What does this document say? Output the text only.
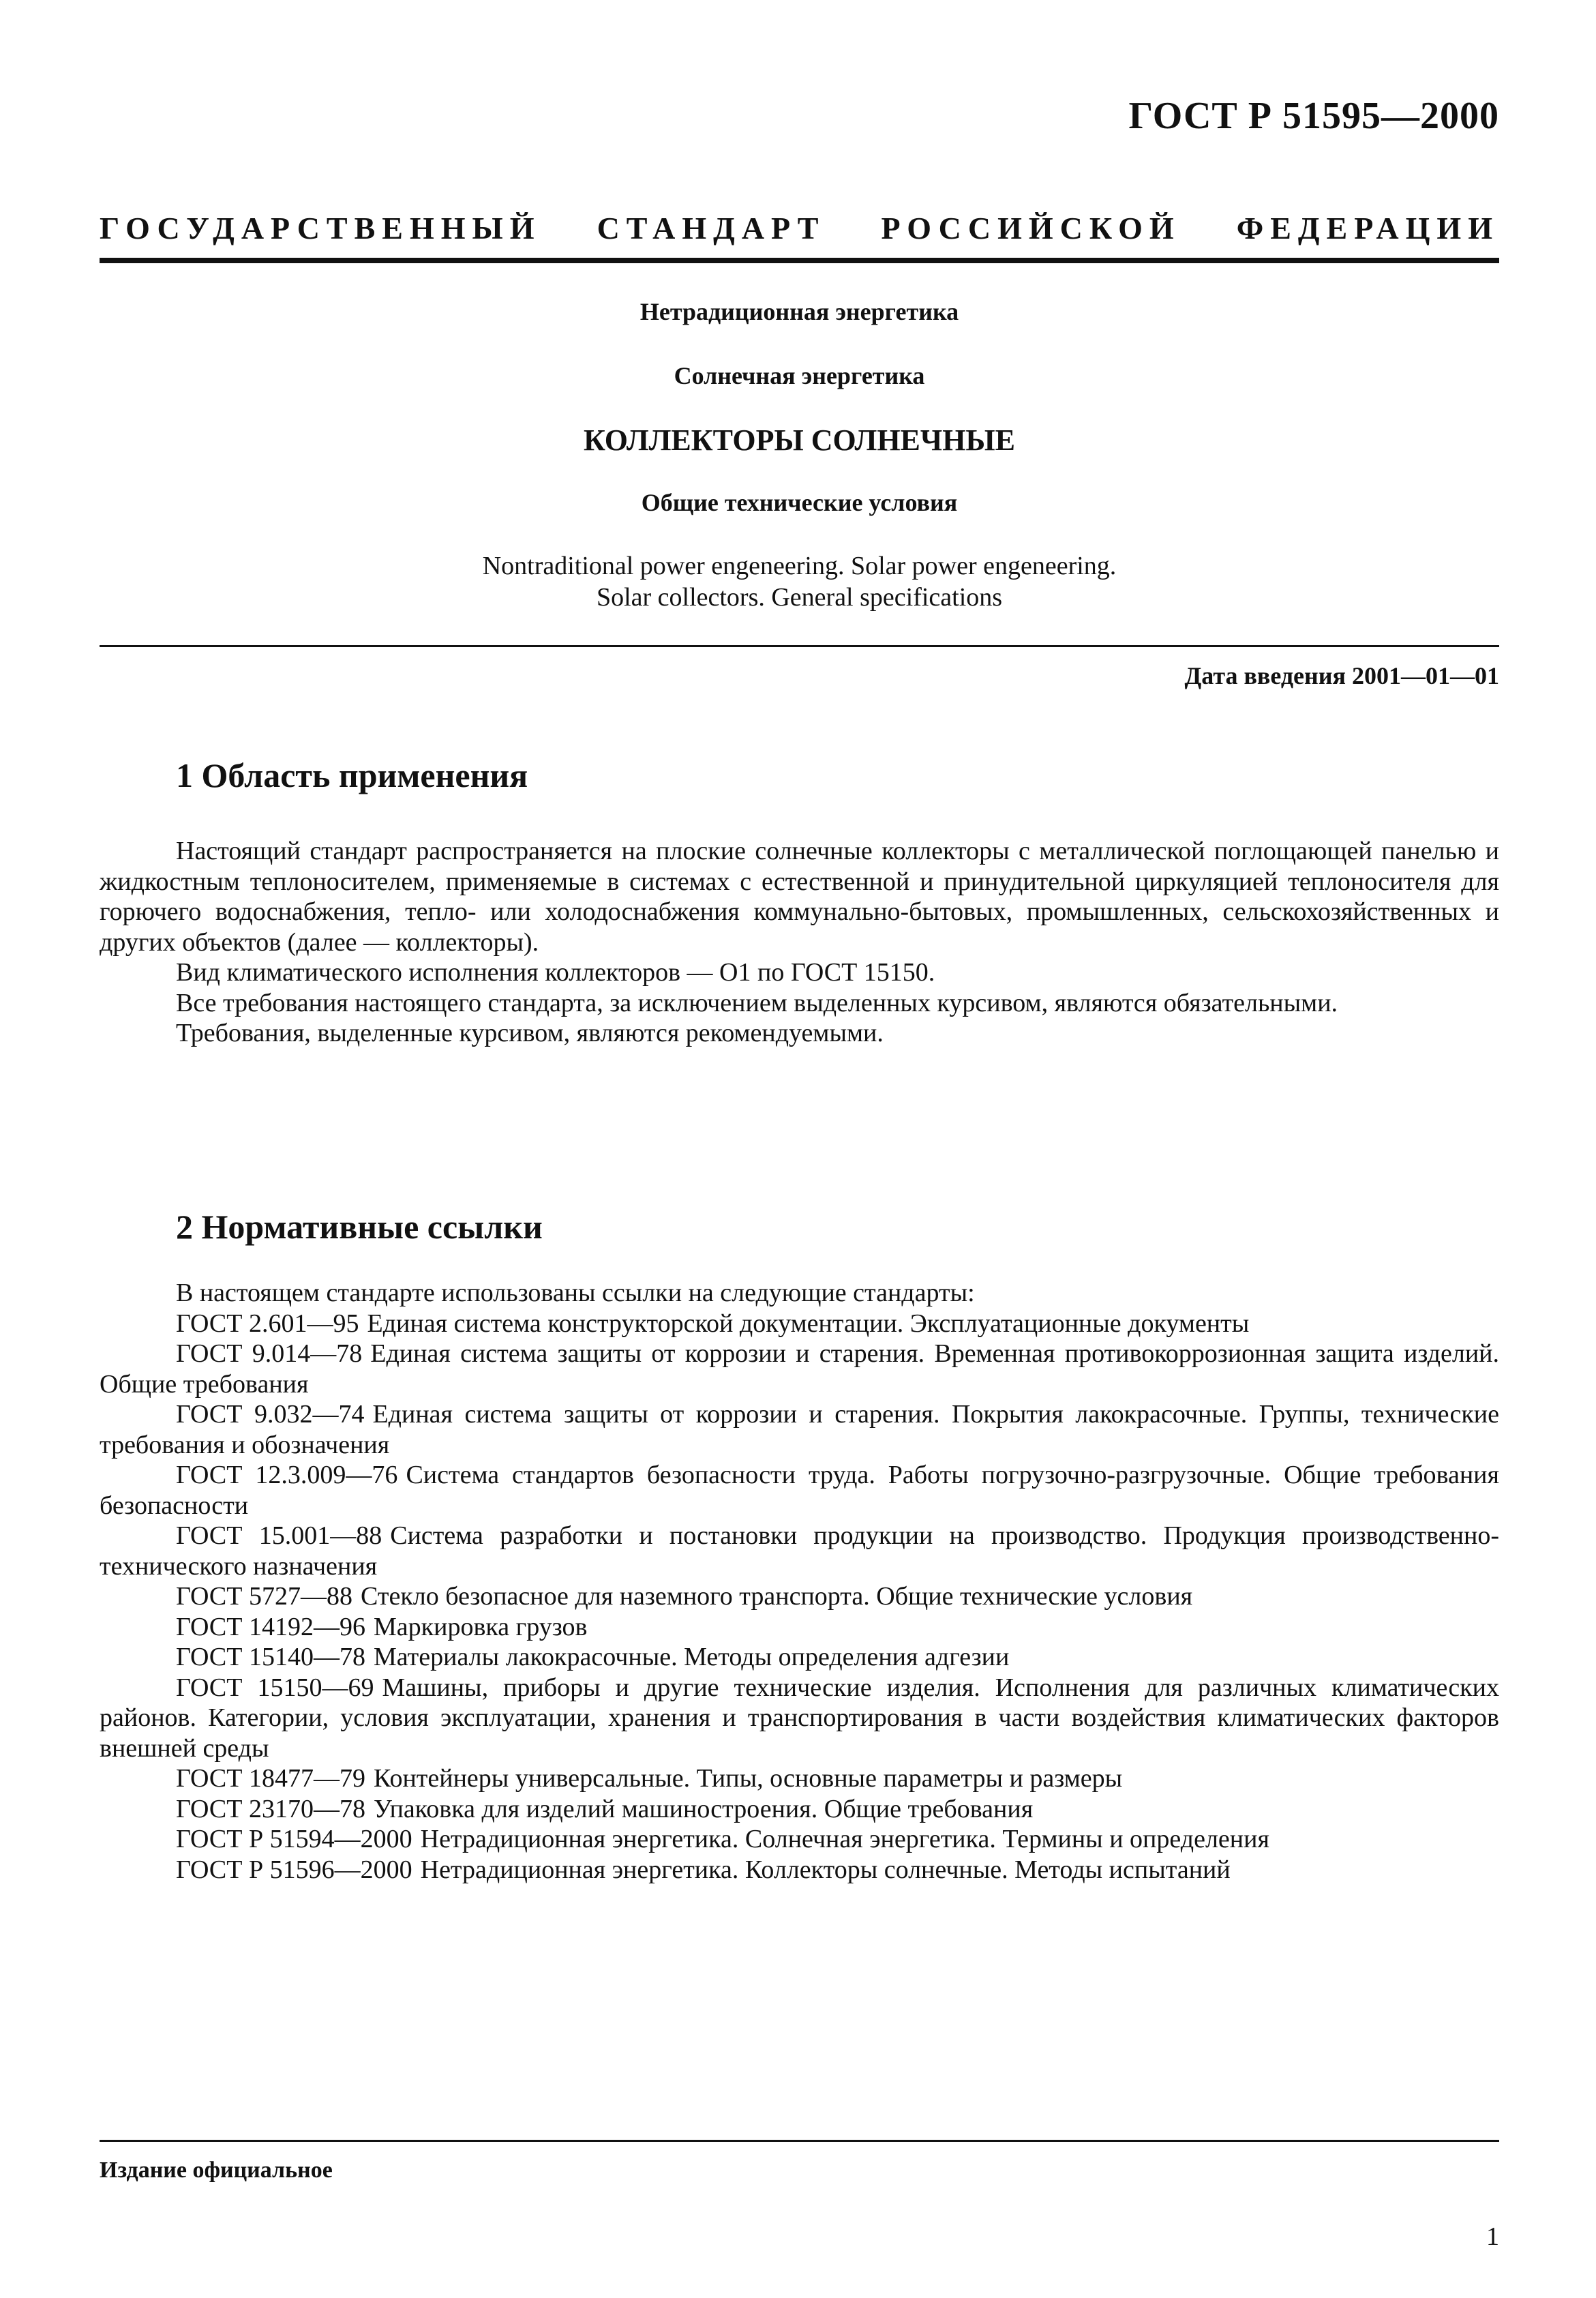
ГОСТ Р 51595—2000
ГОСУДАРСТВЕННЫЙ СТАНДАРТ РОССИЙСКОЙ ФЕДЕРАЦИИ
Нетрадиционная энергетика
Солнечная энергетика
КОЛЛЕКТОРЫ СОЛНЕЧНЫЕ
Общие технические условия
Nontraditional power engeneering. Solar power engeneering.
Solar collectors. General specifications
Дата введения 2001—01—01
1 Область применения

Настоящий стандарт распространяется на плоские солнечные коллекторы с металлической поглощающей панелью и жидкостным теплоносителем, применяемые в системах с естественной и принудительной циркуляцией теплоносителя для горючего водоснабжения, тепло- или холодоснабжения коммунально-бытовых, промышленных, сельскохозяйственных и других объектов (далее — коллекторы).

Вид климатического исполнения коллекторов — О1 по ГОСТ 15150.

Все требования настоящего стандарта, за исключением выделенных курсивом, являются обязательными.

Требования, выделенные курсивом, являются рекомендуемыми.

2 Нормативные ссылки

В настоящем стандарте использованы ссылки на следующие стандарты:

ГОСТ 2.601—95 Единая система конструкторской документации. Эксплуатационные документы

ГОСТ 9.014—78 Единая система защиты от коррозии и старения. Временная противокоррозионная защита изделий. Общие требования

ГОСТ 9.032—74 Единая система защиты от коррозии и старения. Покрытия лакокрасочные. Группы, технические требования и обозначения

ГОСТ 12.3.009—76 Система стандартов безопасности труда. Работы погрузочно-разгрузочные. Общие требования безопасности

ГОСТ 15.001—88 Система разработки и постановки продукции на производство. Продукция производственно-технического назначения

ГОСТ 5727—88 Стекло безопасное для наземного транспорта. Общие технические условия

ГОСТ 14192—96 Маркировка грузов

ГОСТ 15140—78 Материалы лакокрасочные. Методы определения адгезии

ГОСТ 15150—69 Машины, приборы и другие технические изделия. Исполнения для различных климатических районов. Категории, условия эксплуатации, хранения и транспортирования в части воздействия климатических факторов внешней среды

ГОСТ 18477—79 Контейнеры универсальные. Типы, основные параметры и размеры

ГОСТ 23170—78 Упаковка для изделий машиностроения. Общие требования

ГОСТ Р 51594—2000 Нетрадиционная энергетика. Солнечная энергетика. Термины и определения

ГОСТ Р 51596—2000 Нетрадиционная энергетика. Коллекторы солнечные. Методы испытаний

Издание официальное
1
